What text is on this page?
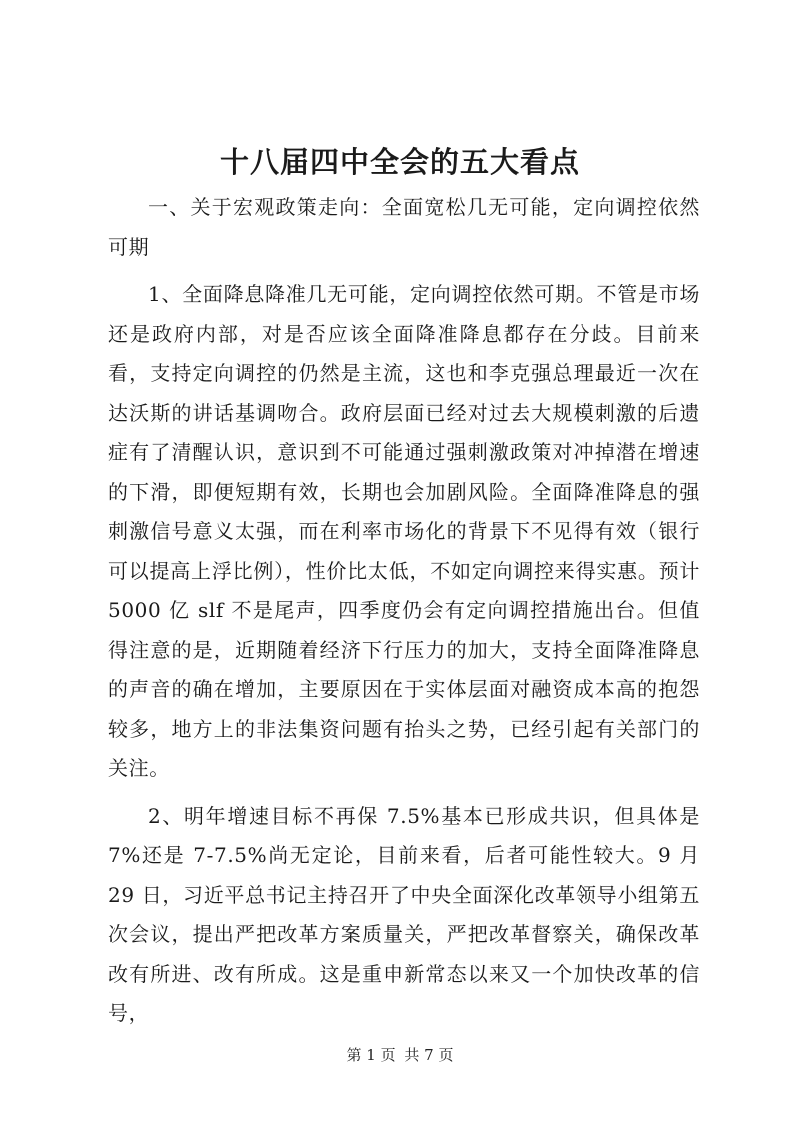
十八届四中全会的五大看点

一、关于宏观政策走向：全面宽松几无可能，定向调控依然可期

1、全面降息降准几无可能，定向调控依然可期。不管是市场还是政府内部，对是否应该全面降准降息都存在分歧。目前来看，支持定向调控的仍然是主流，这也和李克强总理最近一次在达沃斯的讲话基调吻合。政府层面已经对过去大规模刺激的后遗症有了清醒认识，意识到不可能通过强刺激政策对冲掉潜在增速的下滑，即便短期有效，长期也会加剧风险。全面降准降息的强刺激信号意义太强，而在利率市场化的背景下不见得有效（银行可以提高上浮比例），性价比太低，不如定向调控来得实惠。预计 5000 亿 slf 不是尾声，四季度仍会有定向调控措施出台。但值得注意的是，近期随着经济下行压力的加大，支持全面降准降息的声音的确在增加，主要原因在于实体层面对融资成本高的抱怨较多，地方上的非法集资问题有抬头之势，已经引起有关部门的关注。

2、明年增速目标不再保 7.5%基本已形成共识，但具体是 7%还是 7-7.5%尚无定论，目前来看，后者可能性较大。9 月 29 日，习近平总书记主持召开了中央全面深化改革领导小组第五次会议，提出严把改革方案质量关，严把改革督察关，确保改革改有所进、改有所成。这是重申新常态以来又一个加快改革的信号，

第 1 页 共 7 页
